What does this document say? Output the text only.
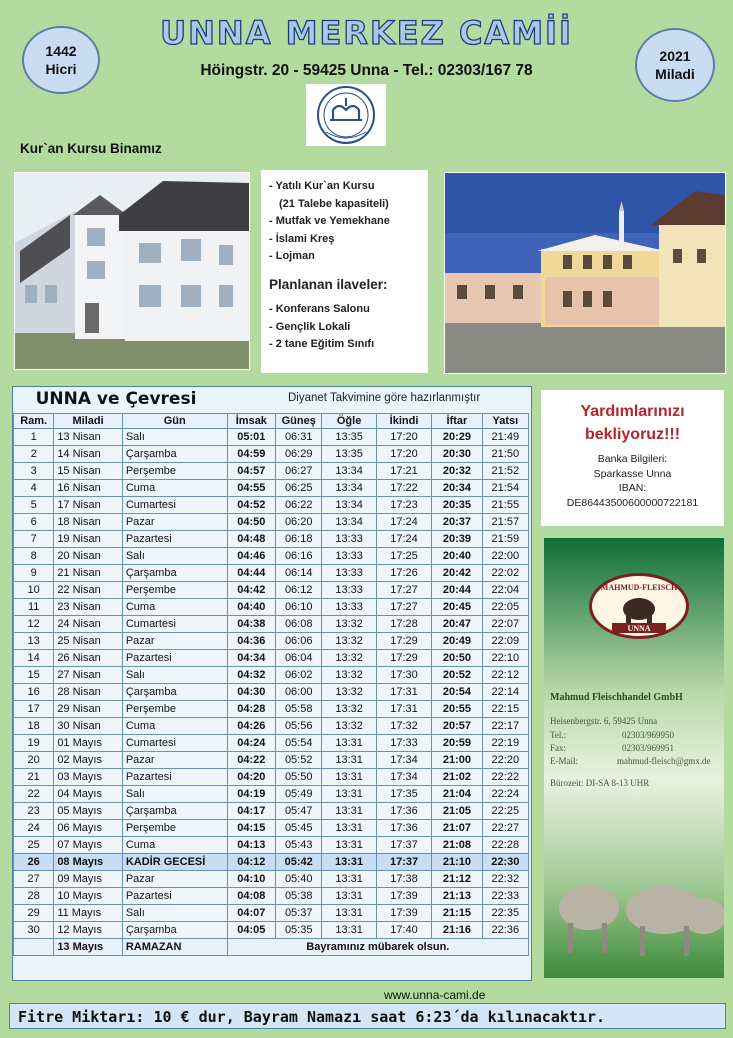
1442
Hicri
2021
Miladi
UNNA MERKEZ CAMİİ
Höingstr. 20 - 59425 Unna - Tel.: 02303/167 78
Kur`an Kursu Binamız
- Yatılı Kur`an Kursu
(21 Talebe kapasiteli)
- Mutfak ve Yemekhane
- İslami Kreş
- Lojman
Planlanan ilaveler:
- Konferans Salonu
- Gençlik Lokali
- 2 tane Eğitim Sınıfı
UNNA ve Çevresi	Diyanet Takvimine göre hazırlanmıştır
Ram.	Miladi	Gün	İmsak	Güneş	Öğle	İkindi	İftar	Yatsı
1	13 Nisan	Salı	05:01	06:31	13:35	17:20	20:29	21:49
2	14 Nisan	Çarşamba	04:59	06:29	13:35	17:20	20:30	21:50
3	15 Nisan	Perşembe	04:57	06:27	13:34	17:21	20:32	21:52
4	16 Nisan	Cuma	04:55	06:25	13:34	17:22	20:34	21:54
5	17 Nisan	Cumartesi	04:52	06:22	13:34	17:23	20:35	21:55
6	18 Nisan	Pazar	04:50	06:20	13:34	17:24	20:37	21:57
7	19 Nisan	Pazartesi	04:48	06:18	13:33	17:24	20:39	21:59
8	20 Nisan	Salı	04:46	06:16	13:33	17:25	20:40	22:00
9	21 Nisan	Çarşamba	04:44	06:14	13:33	17:26	20:42	22:02
10	22 Nisan	Perşembe	04:42	06:12	13:33	17:27	20:44	22:04
11	23 Nisan	Cuma	04:40	06:10	13:33	17:27	20:45	22:05
12	24 Nisan	Cumartesi	04:38	06:08	13:32	17:28	20:47	22:07
13	25 Nisan	Pazar	04:36	06:06	13:32	17:29	20:49	22:09
14	26 Nisan	Pazartesi	04:34	06:04	13:32	17:29	20:50	22:10
15	27 Nisan	Salı	04:32	06:02	13:32	17:30	20:52	22:12
16	28 Nisan	Çarşamba	04:30	06:00	13:32	17:31	20:54	22:14
17	29 Nisan	Perşembe	04:28	05:58	13:32	17:31	20:55	22:15
18	30 Nisan	Cuma	04:26	05:56	13:32	17:32	20:57	22:17
19	01 Mayıs	Cumartesi	04:24	05:54	13:31	17:33	20:59	22:19
20	02 Mayıs	Pazar	04:22	05:52	13:31	17:34	21:00	22:20
21	03 Mayıs	Pazartesi	04:20	05:50	13:31	17:34	21:02	22:22
22	04 Mayıs	Salı	04:19	05:49	13:31	17:35	21:04	22:24
23	05 Mayıs	Çarşamba	04:17	05:47	13:31	17:36	21:05	22:25
24	06 Mayıs	Perşembe	04:15	05:45	13:31	17:36	21:07	22:27
25	07 Mayıs	Cuma	04:13	05:43	13:31	17:37	21:08	22:28
26	08 Mayıs	KADİR GECESİ	04:12	05:42	13:31	17:37	21:10	22:30
27	09 Mayıs	Pazar	04:10	05:40	13:31	17:38	21:12	22:32
28	10 Mayıs	Pazartesi	04:08	05:38	13:31	17:39	21:13	22:33
29	11 Mayıs	Salı	04:07	05:37	13:31	17:39	21:15	22:35
30	12 Mayıs	Çarşamba	04:05	05:35	13:31	17:40	21:16	22:36
	13 Mayıs	RAMAZAN	Bayramınız mübarek olsun.					
Yardımlarınızı
bekliyoruz!!!
Banka Bilgileri:
Sparkasse Unna
IBAN:
DE86443500600000722181
MAHMUD-FLEISCH
UNNA
Mahmud Fleischhandel GmbH
Heisenbergstr. 6, 59425 Unna
Tel.:	02303/969950
Fax:	02303/969951
E-Mail:	mahmud-fleisch@gmx.de
Bürozeit: DI-SA 8-13 UHR
www.unna-cami.de
Fitre Miktarı: 10 € dur, Bayram Namazı saat 6:23´da kılınacaktır.
